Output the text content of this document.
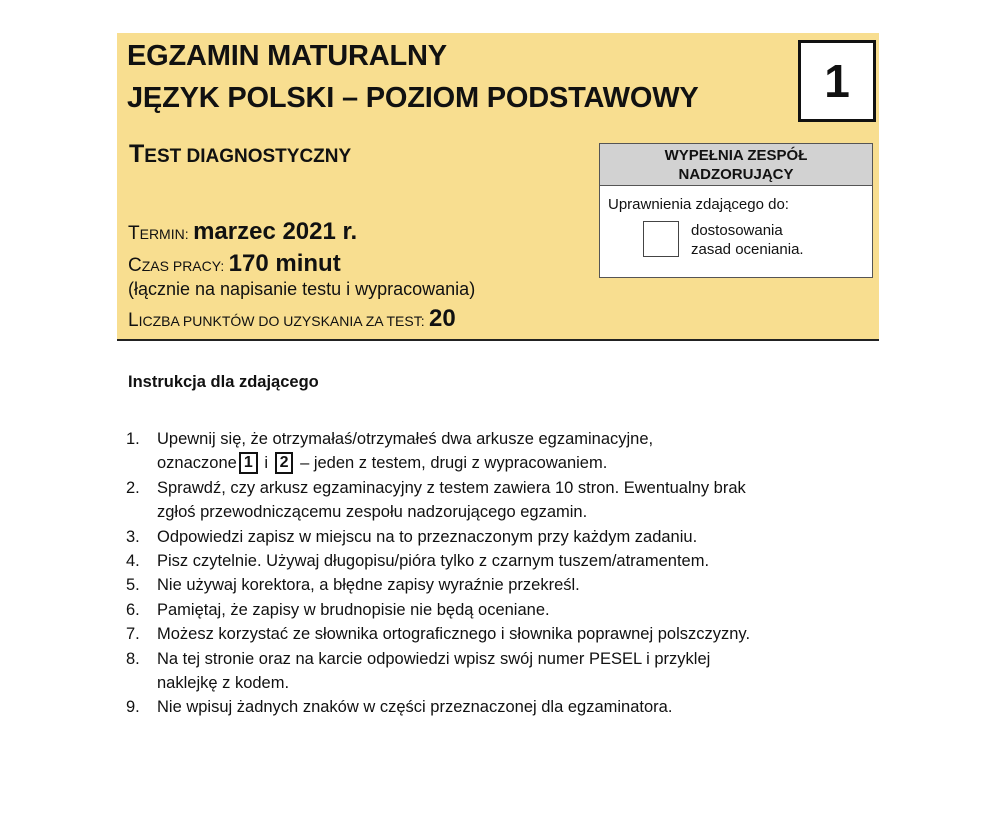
EGZAMIN MATURALNY
JĘZYK POLSKI – POZIOM PODSTAWOWY	1
TEST DIAGNOSTYCZNY
TERMIN: marzec 2021 r.
CZAS PRACY: 170 minut
(łącznie na napisanie testu i wypracowania)
LICZBA PUNKTÓW DO UZYSKANIA ZA TEST: 20
WYPEŁNIA ZESPÓŁ
NADZORUJĄCY
Uprawnienia zdającego do:
dostosowania
zasad oceniania.
Instrukcja dla zdającego
1. Upewnij się, że otrzymałaś/otrzymałeś dwa arkusze egzaminacyjne,
oznaczone 1 i 2 – jeden z testem, drugi z wypracowaniem.
2. Sprawdź, czy arkusz egzaminacyjny z testem zawiera 10 stron. Ewentualny brak
zgłoś przewodniczącemu zespołu nadzorującego egzamin.
3. Odpowiedzi zapisz w miejscu na to przeznaczonym przy każdym zadaniu.
4. Pisz czytelnie. Używaj długopisu/pióra tylko z czarnym tuszem/atramentem.
5. Nie używaj korektora, a błędne zapisy wyraźnie przekreśl.
6. Pamiętaj, że zapisy w brudnopisie nie będą oceniane.
7. Możesz korzystać ze słownika ortograficznego i słownika poprawnej polszczyzny.
8. Na tej stronie oraz na karcie odpowiedzi wpisz swój numer PESEL i przyklej
naklejkę z kodem.
9. Nie wpisuj żadnych znaków w części przeznaczonej dla egzaminatora.
